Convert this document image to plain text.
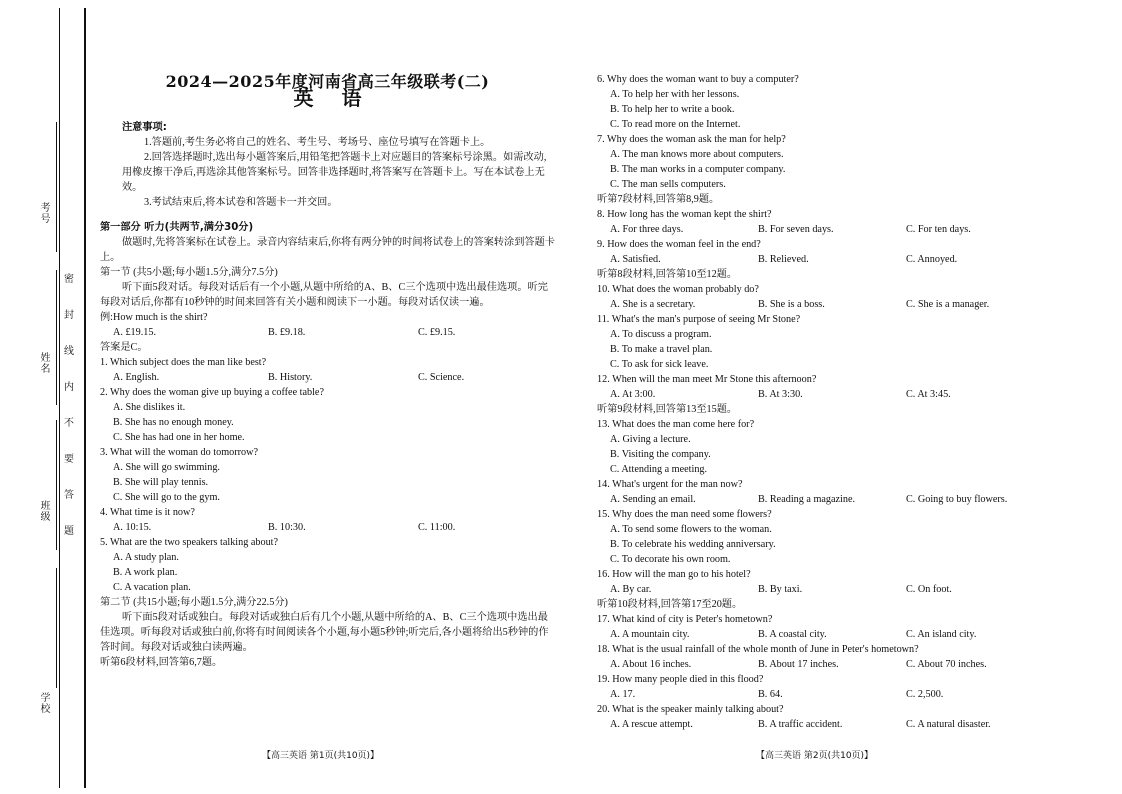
考号
姓名
班级
学校
密
封
线
内
不
要
答
题
2024—2025年度河南省高三年级联考(二)
英语
注意事项:

1.答题前,考生务必将自己的姓名、考生号、考场号、座位号填写在答题卡上。

2.回答选择题时,选出每小题答案后,用铅笔把答题卡上对应题目的答案标号涂黑。如需改动,用橡皮擦干净后,再选涂其他答案标号。回答非选择题时,将答案写在答题卡上。写在本试卷上无效。

3.考试结束后,将本试卷和答题卡一并交回。

第一部分 听力(共两节,满分30分)

做题时,先将答案标在试卷上。录音内容结束后,你将有两分钟的时间将试卷上的答案转涂到答题卡上。

第一节 (共5小题;每小题1.5分,满分7.5分)

听下面5段对话。每段对话后有一个小题,从题中所给的A、B、C三个选项中选出最佳选项。听完每段对话后,你都有10秒钟的时间来回答有关小题和阅读下一小题。每段对话仅读一遍。

例:How much is the shirt?

A. £19.15.	B. £9.18.	C. £9.15.

答案是C。

1. Which subject does the man like best?

A. English.	B. History.	C. Science.

2. Why does the woman give up buying a coffee table?

A. She dislikes it.

B. She has no enough money.

C. She has had one in her home.

3. What will the woman do tomorrow?

A. She will go swimming.

B. She will play tennis.

C. She will go to the gym.

4. What time is it now?

A. 10:15.	B. 10:30.	C. 11:00.

5. What are the two speakers talking about?

A. A study plan.

B. A work plan.

C. A vacation plan.

第二节 (共15小题;每小题1.5分,满分22.5分)

听下面5段对话或独白。每段对话或独白后有几个小题,从题中所给的A、B、C三个选项中选出最佳选项。听每段对话或独白前,你将有时间阅读各个小题,每小题5秒钟;听完后,各小题将给出5秒钟的作答时间。每段对话或独白读两遍。

听第6段材料,回答第6,7题。

6. Why does the woman want to buy a computer?

A. To help her with her lessons.

B. To help her to write a book.

C. To read more on the Internet.

7. Why does the woman ask the man for help?

A. The man knows more about computers.

B. The man works in a computer company.

C. The man sells computers.

听第7段材料,回答第8,9题。

8. How long has the woman kept the shirt?

A. For three days.	B. For seven days.	C. For ten days.

9. How does the woman feel in the end?

A. Satisfied.	B. Relieved.	C. Annoyed.

听第8段材料,回答第10至12题。

10. What does the woman probably do?

A. She is a secretary.	B. She is a boss.	C. She is a manager.

11. What's the man's purpose of seeing Mr Stone?

A. To discuss a program.

B. To make a travel plan.

C. To ask for sick leave.

12. When will the man meet Mr Stone this afternoon?

A. At 3:00.	B. At 3:30.	C. At 3:45.

听第9段材料,回答第13至15题。

13. What does the man come here for?

A. Giving a lecture.

B. Visiting the company.

C. Attending a meeting.

14. What's urgent for the man now?

A. Sending an email.	B. Reading a magazine.	C. Going to buy flowers.

15. Why does the man need some flowers?

A. To send some flowers to the woman.

B. To celebrate his wedding anniversary.

C. To decorate his own room.

16. How will the man go to his hotel?

A. By car.	B. By taxi.	C. On foot.

听第10段材料,回答第17至20题。

17. What kind of city is Peter's hometown?

A. A mountain city.	B. A coastal city.	C. An island city.

18. What is the usual rainfall of the whole month of June in Peter's hometown?

A. About 16 inches.	B. About 17 inches.	C. About 70 inches.

19. How many people died in this flood?

A. 17.	B. 64.	C. 2,500.

20. What is the speaker mainly talking about?

A. A rescue attempt.	B. A traffic accident.	C. A natural disaster.
【高三英语 第1页(共10页)】	【高三英语 第2页(共10页)】
